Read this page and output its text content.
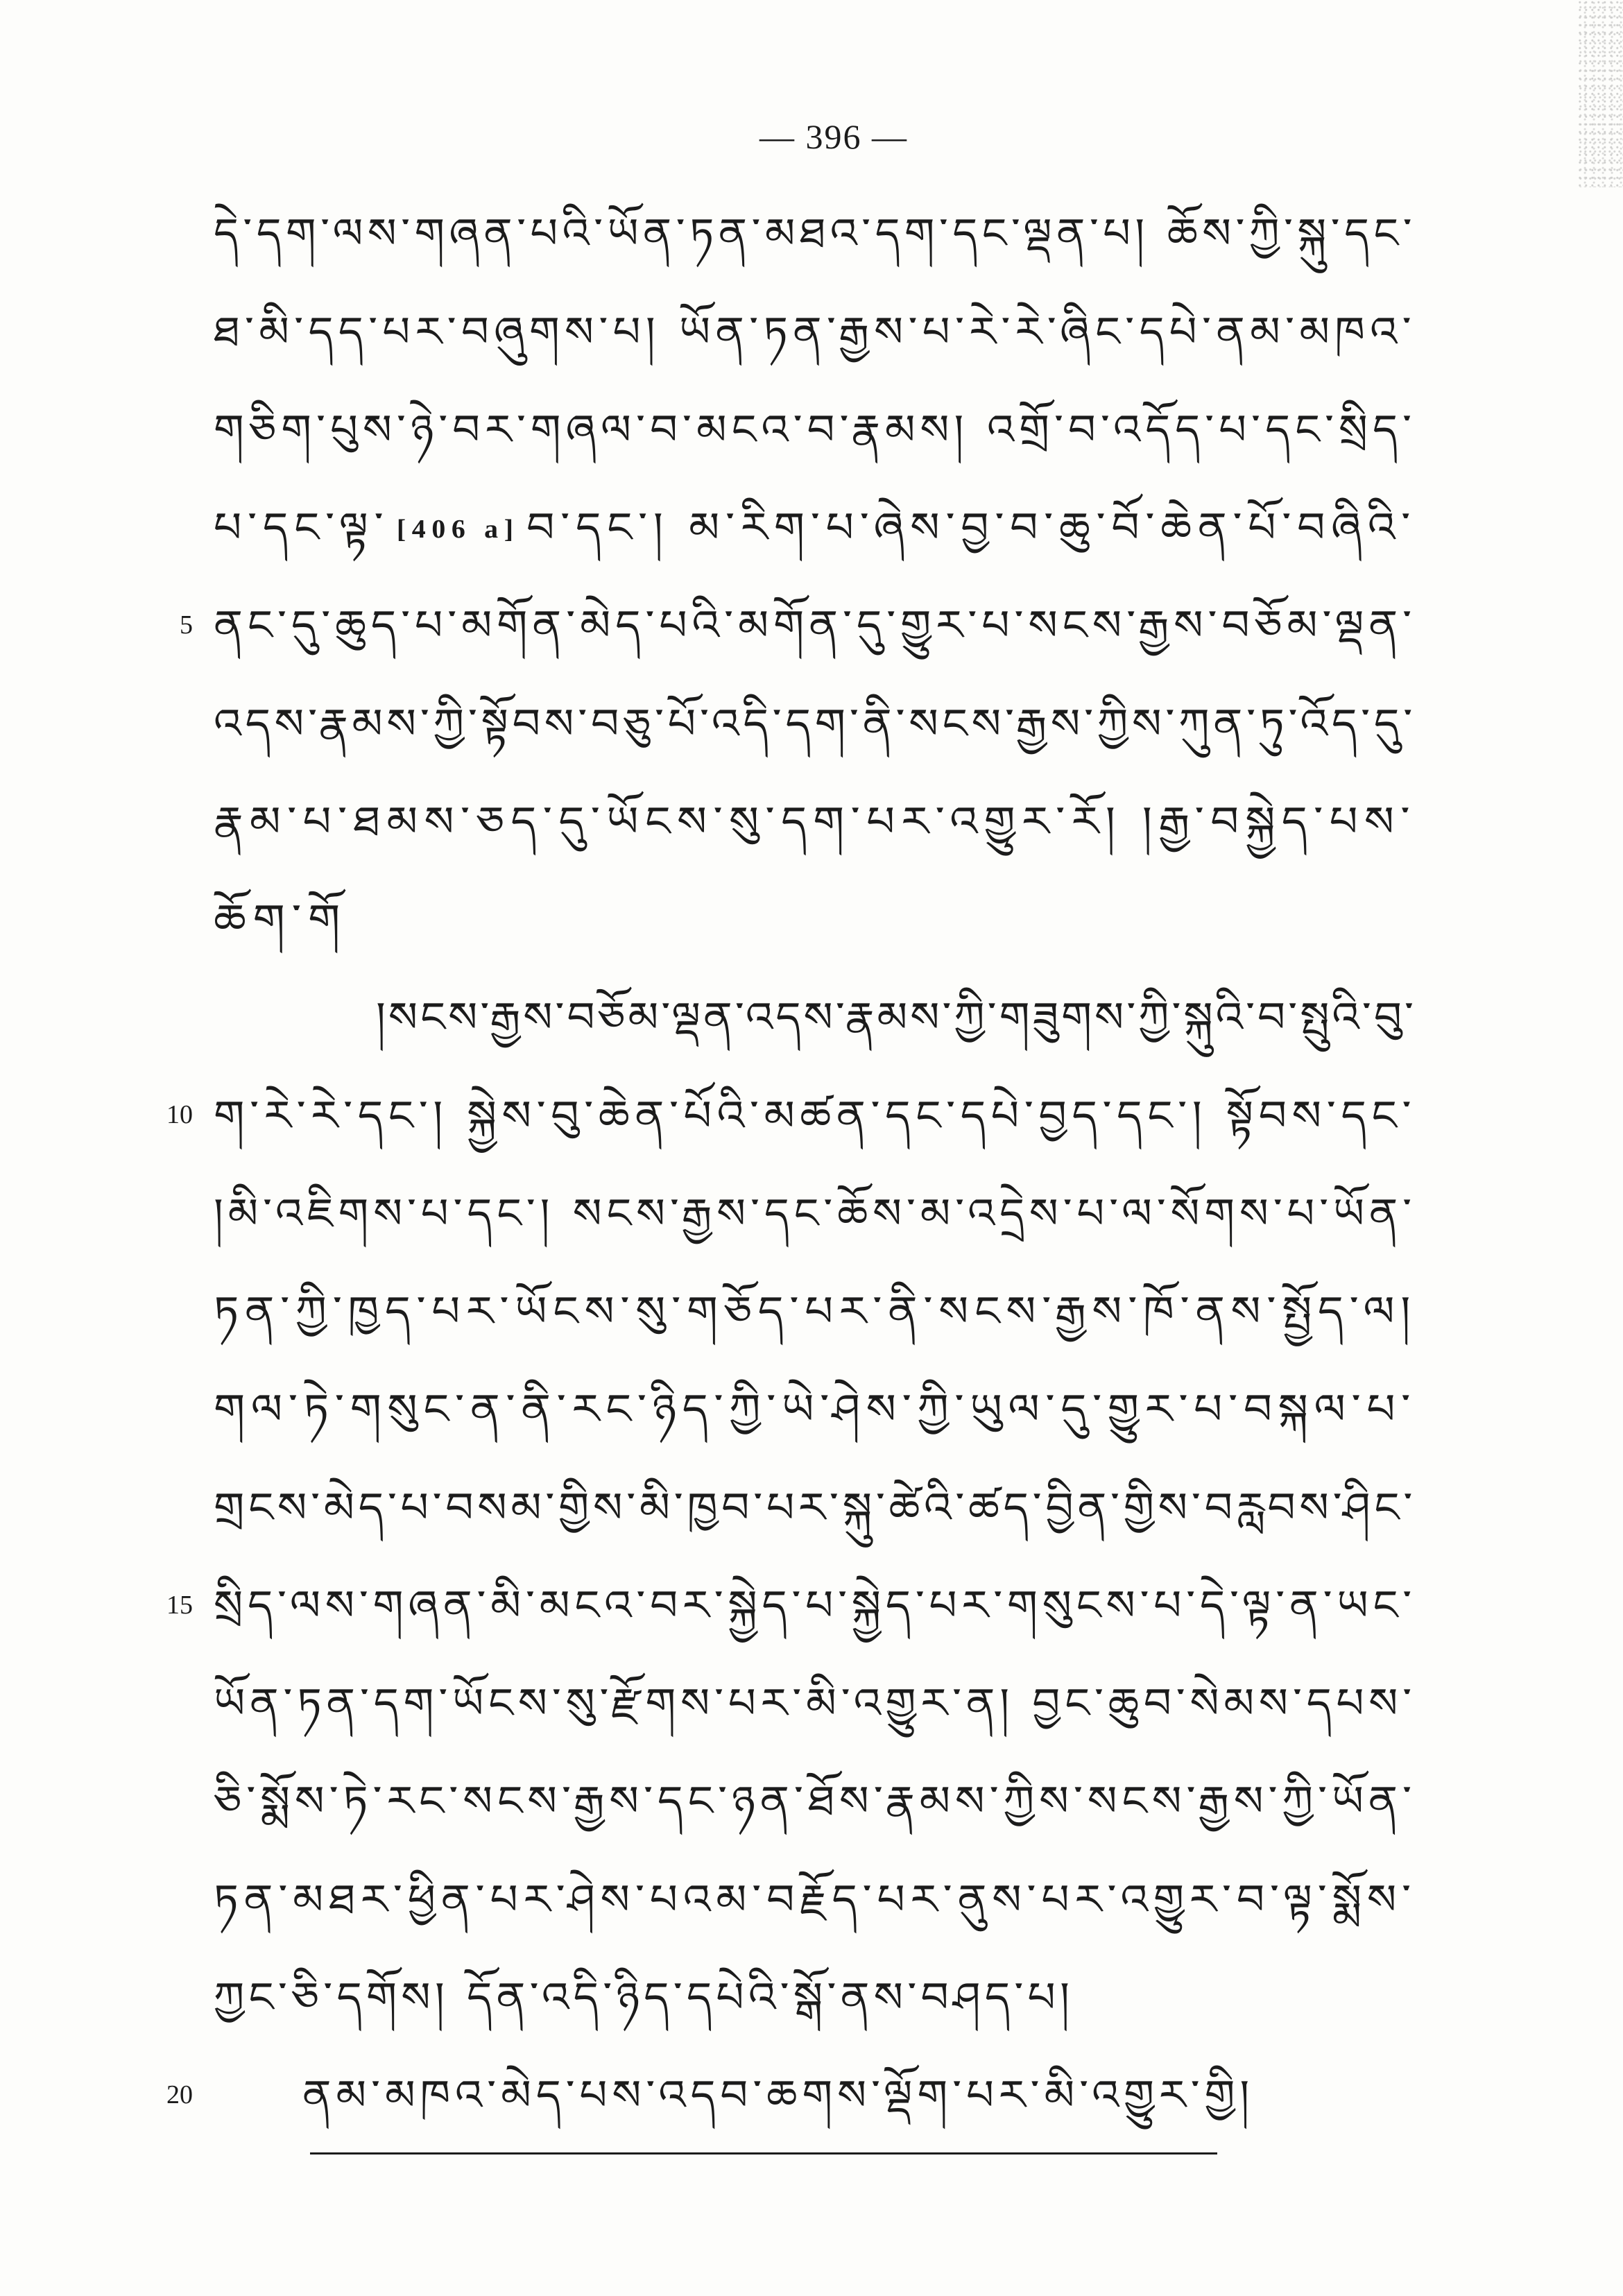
— 396 —
དེ་དག་ལས་གཞན་པའི་ཡོན་ཏན་མཐའ་དག་དང་ལྡན་པ། ཆོས་ཀྱི་སྐུ་དང་
ཐ་མི་དད་པར་བཞུགས་པ། ཡོན་ཏན་རྒྱས་པ་རེ་རེ་ཞིང་དཔེ་ནམ་མཁའ་
གཅིག་པུས་ཉེ་བར་གཞལ་བ་མངའ་བ་རྣམས། འགྲོ་བ་འདོད་པ་དང་སྲིད་
པ་དང་ལྟ་ [406 a] བ་དང་། མ་རིག་པ་ཞེས་བྱ་བ་ཆུ་བོ་ཆེན་པོ་བཞིའི་
5 ནང་དུ་ཆུད་པ་མགོན་མེད་པའི་མགོན་དུ་གྱུར་པ་སངས་རྒྱས་བཅོམ་ལྡན་
འདས་རྣམས་ཀྱི་སྟོབས་བཅུ་པོ་འདི་དག་ནི་སངས་རྒྱས་ཀྱིས་ཀུན་ཏུ་འོད་དུ་
རྣམ་པ་ཐམས་ཅད་དུ་ཡོངས་སུ་དག་པར་འགྱུར་རོ། །རྒྱ་བསྐྱེད་པས་
ཆོག་གོ
།སངས་རྒྱས་བཅོམ་ལྡན་འདས་རྣམས་ཀྱི་གཟུགས་ཀྱི་སྐུའི་བ་སྤུའི་བུ་
10 ག་རེ་རེ་དང་། སྐྱེས་བུ་ཆེན་པོའི་མཚན་དང་དཔེ་བྱད་དང་། སྟོབས་དང་
།མི་འཇིགས་པ་དང་། སངས་རྒྱས་དང་ཆོས་མ་འདྲེས་པ་ལ་སོགས་པ་ཡོན་
ཏན་ཀྱི་ཁྱད་པར་ཡོངས་སུ་གཅོད་པར་ནི་སངས་རྒྱས་ཁོ་ནས་སྤྱོད་ལ།
གལ་ཏེ་གསུང་ན་ནི་རང་ཉིད་ཀྱི་ཡེ་ཤེས་ཀྱི་ཡུལ་དུ་གྱུར་པ་བསྐལ་པ་
གྲངས་མེད་པ་བསམ་གྱིས་མི་ཁྱབ་པར་སྐུ་ཚེའི་ཚད་བྱིན་གྱིས་བརླབས་ཤིང་
15 སྲིད་ལས་གཞན་མི་མངའ་བར་སྐྱེད་པ་སྐྱེད་པར་གསུངས་པ་དེ་ལྟ་ན་ཡང་
ཡོན་ཏན་དག་ཡོངས་སུ་རྫོགས་པར་མི་འགྱུར་ན། བྱང་ཆུབ་སེམས་དཔས་
ཅི་སྨོས་ཏེ་རང་སངས་རྒྱས་དང་ཉན་ཐོས་རྣམས་ཀྱིས་སངས་རྒྱས་ཀྱི་ཡོན་
ཏན་མཐར་ཕྱིན་པར་ཤེས་པའམ་བརྗོད་པར་ནུས་པར་འགྱུར་བ་ལྟ་སྨོས་
ཀྱང་ཅི་དགོས། དོན་འདི་ཉིད་དཔེའི་སྒོ་ནས་བཤད་པ།
20	ནམ་མཁའ་མེད་པས་འདབ་ཆགས་ལྡོག་པར་མི་འགྱུར་གྱི།
